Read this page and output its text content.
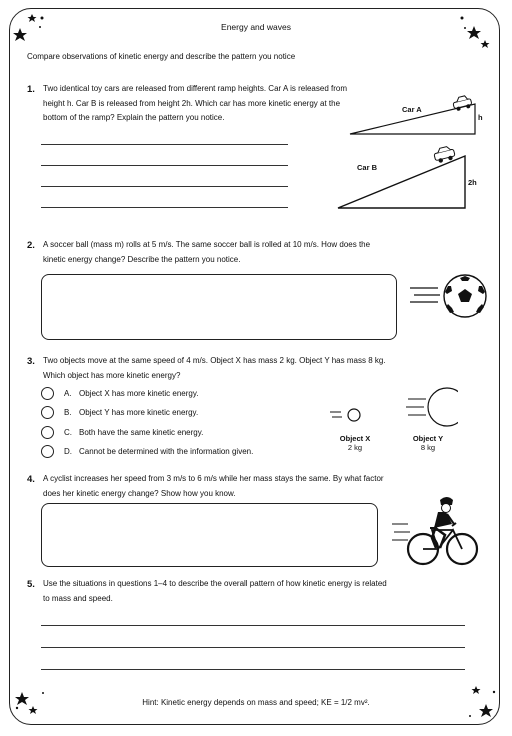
Energy and waves
Compare observations of kinetic energy and describe the pattern you notice
1. Two identical toy cars are released from different ramp heights. Car A is released from
height h. Car B is released from height 2h. Which car has more kinetic energy at the
bottom of the ramp? Explain the pattern you notice.
Car A
h
Car B
2h
2. A soccer ball (mass m) rolls at 5 m/s. The same soccer ball is rolled at 10 m/s. How does the
kinetic energy change? Describe the pattern you notice.
3. Two objects move at the same speed of 4 m/s. Object X has mass 2 kg. Object Y has mass 8 kg.
Which object has more kinetic energy?
A. Object X has more kinetic energy.
B. Object Y has more kinetic energy.
C. Both have the same kinetic energy.
D. Cannot be determined with the information given.
Object X
2 kg
Object Y
8 kg
4. A cyclist increases her speed from 3 m/s to 6 m/s while her mass stays the same. By what factor
does her kinetic energy change? Show how you know.
5. Use the situations in questions 1–4 to describe the overall pattern of how kinetic energy is related
to mass and speed.
Hint: Kinetic energy depends on mass and speed; KE = 1/2 mv².
